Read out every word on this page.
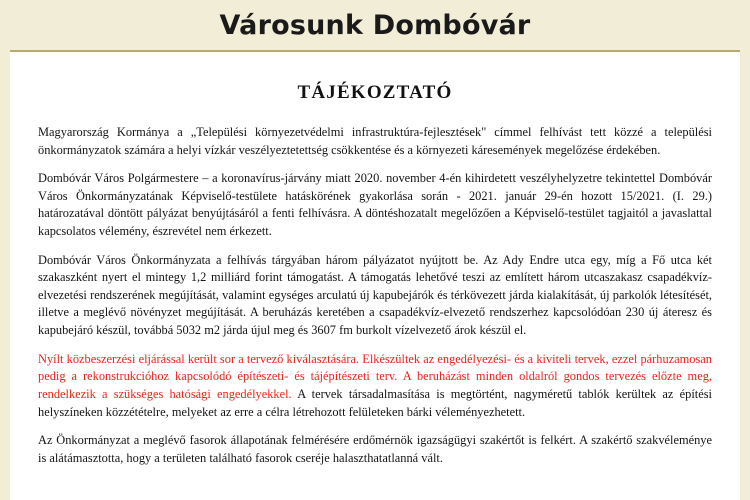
Városunk Dombóvár
TÁJÉKOZTATÓ

Magyarország Kormánya a „Települési környezetvédelmi infrastruktúra-fejlesztések" címmel felhívást tett közzé a települési önkormányzatok számára a helyi vízkár veszélyeztetettség csökkentése és a környezeti káresemények megelőzése érdekében.

Dombóvár Város Polgármestere – a koronavírus-járvány miatt 2020. november 4-én kihirdetett veszélyhelyzetre tekintettel Dombóvár Város Önkormányzatának Képviselő-testülete hatáskörének gyakorlása során - 2021. január 29-én hozott 15/2021. (I. 29.) határozatával döntött pályázat benyújtásáról a fenti felhívásra. A döntéshozatalt megelőzően a Képviselő-testület tagjaitól a javaslattal kapcsolatos vélemény, észrevétel nem érkezett.

Dombóvár Város Önkormányzata a felhívás tárgyában három pályázatot nyújtott be. Az Ady Endre utca egy, míg a Fő utca két szakaszként nyert el mintegy 1,2 milliárd forint támogatást. A támogatás lehetővé teszi az említett három utcaszakasz csapadékvíz-elvezetési rendszerének megújítását, valamint egységes arculatú új kapubejárók és térkövezett járda kialakítását, új parkolók létesítését, illetve a meglévő növényzet megújítását. A beruházás keretében a csapadékvíz-elvezető rendszerhez kapcsolódóan 230 új áteresz és kapubejáró készül, továbbá 5032 m2 járda újul meg és 3607 fm burkolt vízelvezető árok készül el.

Nyílt közbeszerzési eljárással került sor a tervező kiválasztására. Elkészültek az engedélyezési- és a kiviteli tervek, ezzel párhuzamosan pedig a rekonstrukcióhoz kapcsolódó építészeti- és tájépítészeti terv. A beruházást minden oldalról gondos tervezés előzte meg, rendelkezik a szükséges hatósági engedélyekkel. A tervek társadalmasítása is megtörtént, nagyméretű tablók kerültek az építési helyszíneken közzétételre, melyeket az erre a célra létrehozott felületeken bárki véleményezhetett.

Az Önkormányzat a meglévő fasorok állapotának felmérésére erdőmérnök igazságügyi szakértőt is felkért. A szakértő szakvéleménye is alátámasztotta, hogy a területen található fasorok cseréje halaszthatatlanná vált.
